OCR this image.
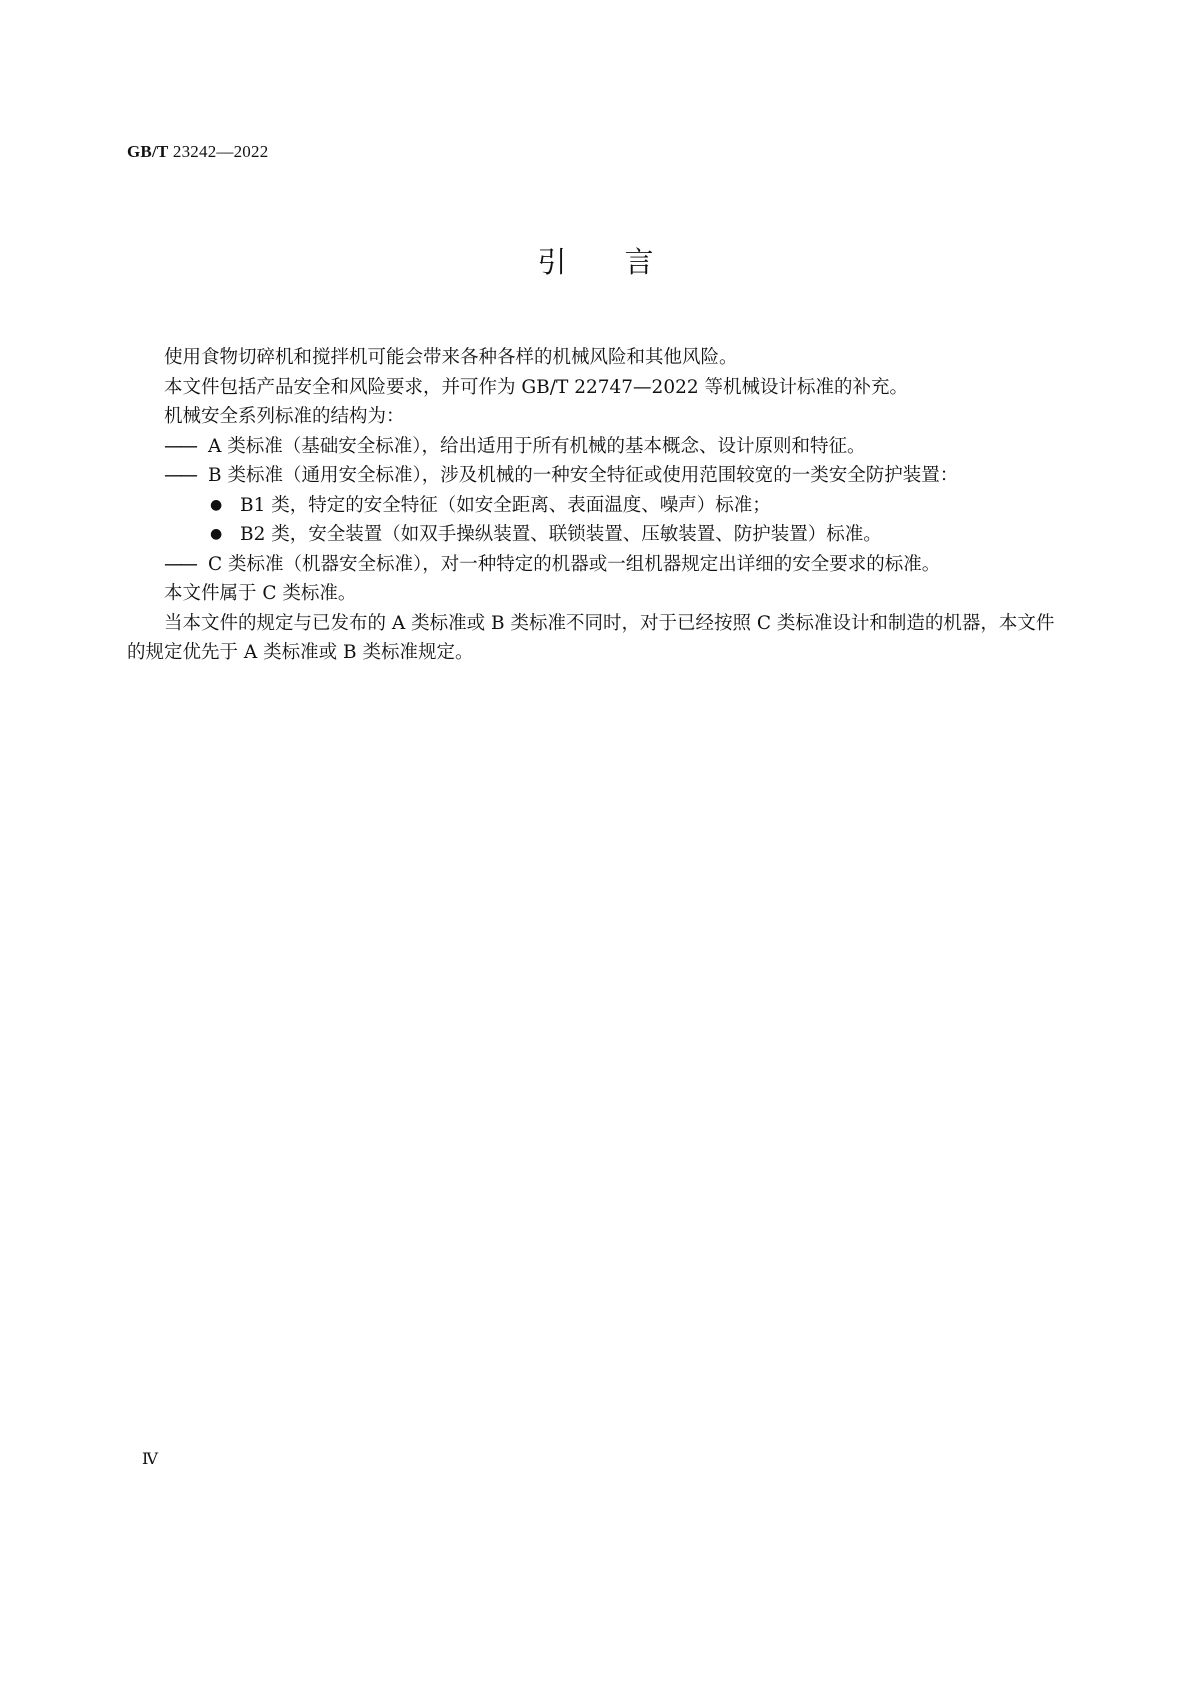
GB/T 23242—2022
引言

使用食物切碎机和搅拌机可能会带来各种各样的机械风险和其他风险。

本文件包括产品安全和风险要求，并可作为 GB/T 22747—2022 等机械设计标准的补充。

机械安全系列标准的结构为：

—— A 类标准（基础安全标准），给出适用于所有机械的基本概念、设计原则和特征。

—— B 类标准（通用安全标准），涉及机械的一种安全特征或使用范围较宽的一类安全防护装置：

● B1 类，特定的安全特征（如安全距离、表面温度、噪声）标准；

● B2 类，安全装置（如双手操纵装置、联锁装置、压敏装置、防护装置）标准。

—— C 类标准（机器安全标准），对一种特定的机器或一组机器规定出详细的安全要求的标准。

本文件属于 C 类标准。

当本文件的规定与已发布的 A 类标准或 B 类标准不同时，对于已经按照 C 类标准设计和制造的机器，本文件的规定优先于 A 类标准或 B 类标准规定。

Ⅳ
